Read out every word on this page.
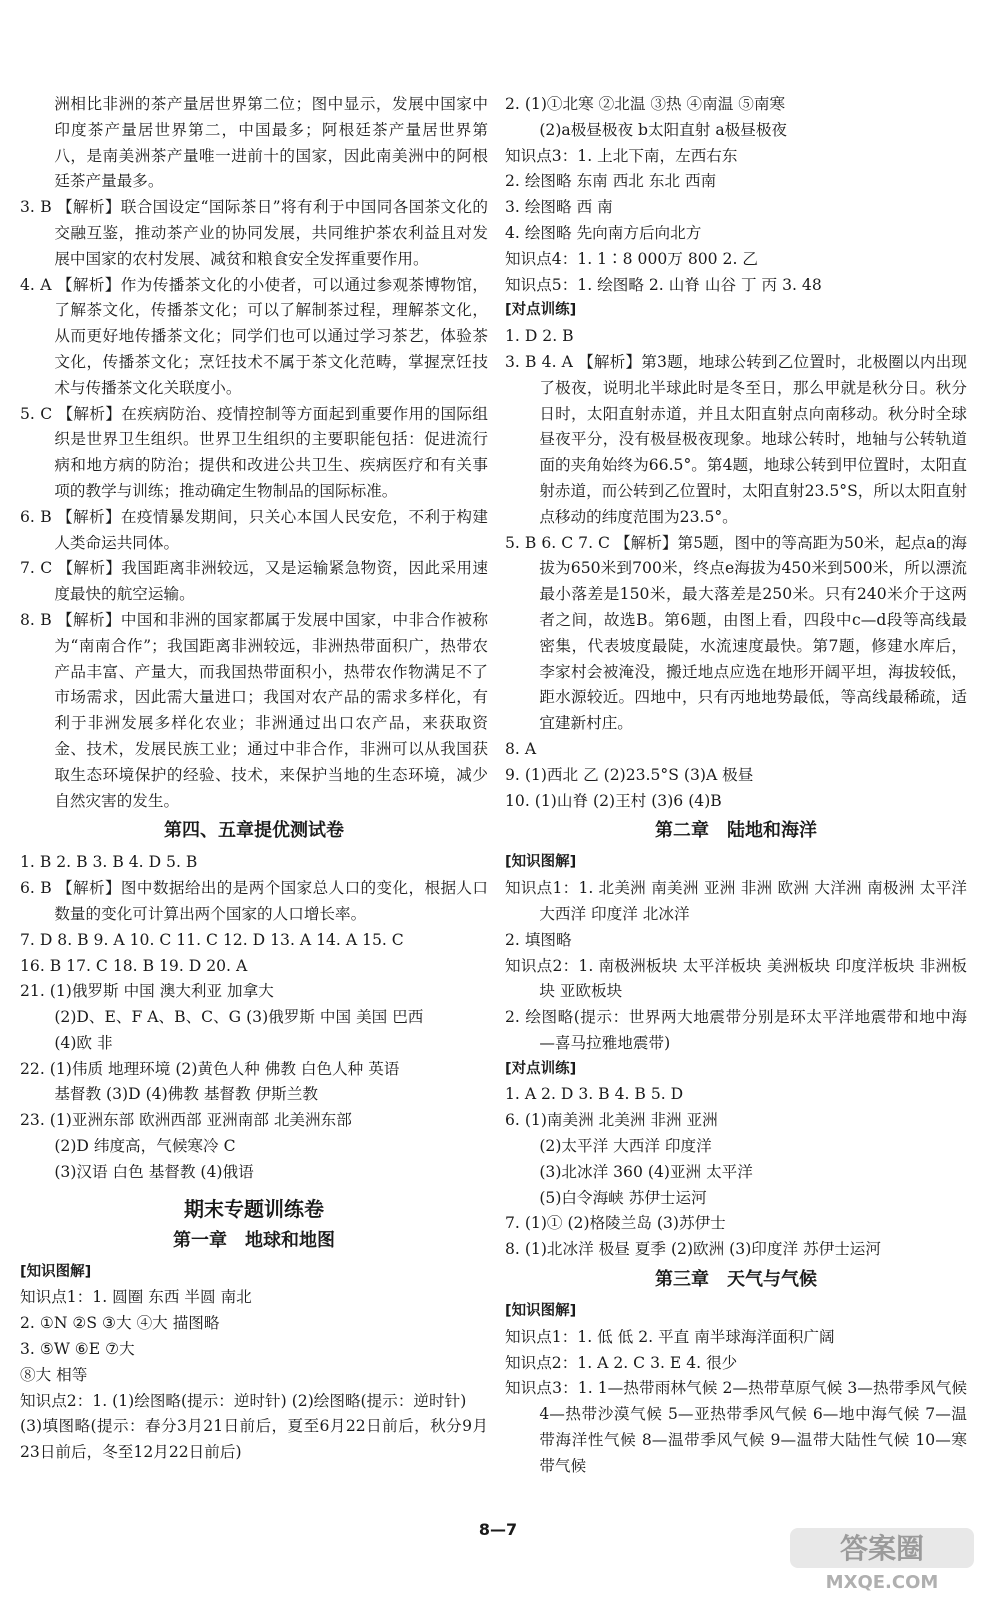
洲相比非洲的茶产量居世界第二位；图中显示，发展中国家中印度茶产量居世界第二，中国最多；阿根廷茶产量居世界第八，是南美洲茶产量唯一进前十的国家，因此南美洲中的阿根廷茶产量最多。

3. B 【解析】联合国设定“国际茶日”将有利于中国同各国茶文化的交融互鉴，推动茶产业的协同发展，共同维护茶农利益且对发展中国家的农村发展、减贫和粮食安全发挥重要作用。

4. A 【解析】作为传播茶文化的小使者，可以通过参观茶博物馆，了解茶文化，传播茶文化；可以了解制茶过程，理解茶文化，从而更好地传播茶文化；同学们也可以通过学习茶艺，体验茶文化，传播茶文化；烹饪技术不属于茶文化范畴，掌握烹饪技术与传播茶文化关联度小。

5. C 【解析】在疾病防治、疫情控制等方面起到重要作用的国际组织是世界卫生组织。世界卫生组织的主要职能包括：促进流行病和地方病的防治；提供和改进公共卫生、疾病医疗和有关事项的教学与训练；推动确定生物制品的国际标准。

6. B 【解析】在疫情暴发期间，只关心本国人民安危，不利于构建人类命运共同体。

7. C 【解析】我国距离非洲较远，又是运输紧急物资，因此采用速度最快的航空运输。

8. B 【解析】中国和非洲的国家都属于发展中国家，中非合作被称为“南南合作”；我国距离非洲较远，非洲热带面积广，热带农产品丰富、产量大，而我国热带面积小，热带农作物满足不了市场需求，因此需大量进口；我国对农产品的需求多样化，有利于非洲发展多样化农业；非洲通过出口农产品，来获取资金、技术，发展民族工业；通过中非合作，非洲可以从我国获取生态环境保护的经验、技术，来保护当地的生态环境，减少自然灾害的发生。

第四、五章提优测试卷

1. B 2. B 3. B 4. D 5. B

6. B 【解析】图中数据给出的是两个国家总人口的变化，根据人口数量的变化可计算出两个国家的人口增长率。

7. D 8. B 9. A 10. C 11. C 12. D 13. A 14. A 15. C

16. B 17. C 18. B 19. D 20. A

21. (1)俄罗斯 中国 澳大利亚 加拿大

(2)D、E、F A、B、C、G (3)俄罗斯 中国 美国 巴西

(4)欧 非

22. (1)伟质 地理环境 (2)黄色人种 佛教 白色人种 英语

基督教 (3)D (4)佛教 基督教 伊斯兰教

23. (1)亚洲东部 欧洲西部 亚洲南部 北美洲东部

(2)D 纬度高，气候寒冷 C

(3)汉语 白色 基督教 (4)俄语

期末专题训练卷
第一章　地球和地图

[知识图解]

知识点1：1. 圆圈 东西 半圆 南北

2. ①N ②S ③大 ④大 描图略

3. ⑤W ⑥E ⑦大

⑧大 相等

知识点2：1. (1)绘图略(提示：逆时针) (2)绘图略(提示：逆时针)

(3)填图略(提示：春分3月21日前后，夏至6月22日前后，秋分9月23日前后，冬至12月22日前后)

2. (1)①北寒 ②北温 ③热 ④南温 ⑤南寒

(2)a极昼极夜 b太阳直射 a极昼极夜

知识点3：1. 上北下南，左西右东

2. 绘图略 东南 西北 东北 西南

3. 绘图略 西 南

4. 绘图略 先向南方后向北方

知识点4：1. 1∶8 000万 800 2. 乙

知识点5：1. 绘图略 2. 山脊 山谷 丁 丙 3. 48

[对点训练]

1. D 2. B

3. B 4. A 【解析】第3题，地球公转到乙位置时，北极圈以内出现了极夜，说明北半球此时是冬至日，那么甲就是秋分日。秋分日时，太阳直射赤道，并且太阳直射点向南移动。秋分时全球昼夜平分，没有极昼极夜现象。地球公转时，地轴与公转轨道面的夹角始终为66.5°。第4题，地球公转到甲位置时，太阳直射赤道，而公转到乙位置时，太阳直射23.5°S，所以太阳直射点移动的纬度范围为23.5°。

5. B 6. C 7. C 【解析】第5题，图中的等高距为50米，起点a的海拔为650米到700米，终点e海拔为450米到500米，所以漂流最小落差是150米，最大落差是250米。只有240米介于这两者之间，故选B。第6题，由图上看，四段中c—d段等高线最密集，代表坡度最陡，水流速度最快。第7题，修建水库后，李家村会被淹没，搬迁地点应选在地形开阔平坦，海拔较低，距水源较近。四地中，只有丙地地势最低，等高线最稀疏，适宜建新村庄。

8. A

9. (1)西北 乙 (2)23.5°S (3)A 极昼

10. (1)山脊 (2)王村 (3)6 (4)B

第二章　陆地和海洋

[知识图解]

知识点1：1. 北美洲 南美洲 亚洲 非洲 欧洲 大洋洲 南极洲 太平洋 大西洋 印度洋 北冰洋

2. 填图略

知识点2：1. 南极洲板块 太平洋板块 美洲板块 印度洋板块 非洲板块 亚欧板块

2. 绘图略(提示：世界两大地震带分别是环太平洋地震带和地中海—喜马拉雅地震带)

[对点训练]

1. A 2. D 3. B 4. B 5. D

6. (1)南美洲 北美洲 非洲 亚洲

(2)太平洋 大西洋 印度洋

(3)北冰洋 360 (4)亚洲 太平洋

(5)白令海峡 苏伊士运河

7. (1)① (2)格陵兰岛 (3)苏伊士

8. (1)北冰洋 极昼 夏季 (2)欧洲 (3)印度洋 苏伊士运河

第三章　天气与气候

[知识图解]

知识点1：1. 低 低 2. 平直 南半球海洋面积广阔

知识点2：1. A 2. C 3. E 4. 很少

知识点3：1. 1—热带雨林气候 2—热带草原气候 3—热带季风气候 4—热带沙漠气候 5—亚热带季风气候 6—地中海气候 7—温带海洋性气候 8—温带季风气候 9—温带大陆性气候 10—寒带气候

8—7
答案圈
MXQE.COM
